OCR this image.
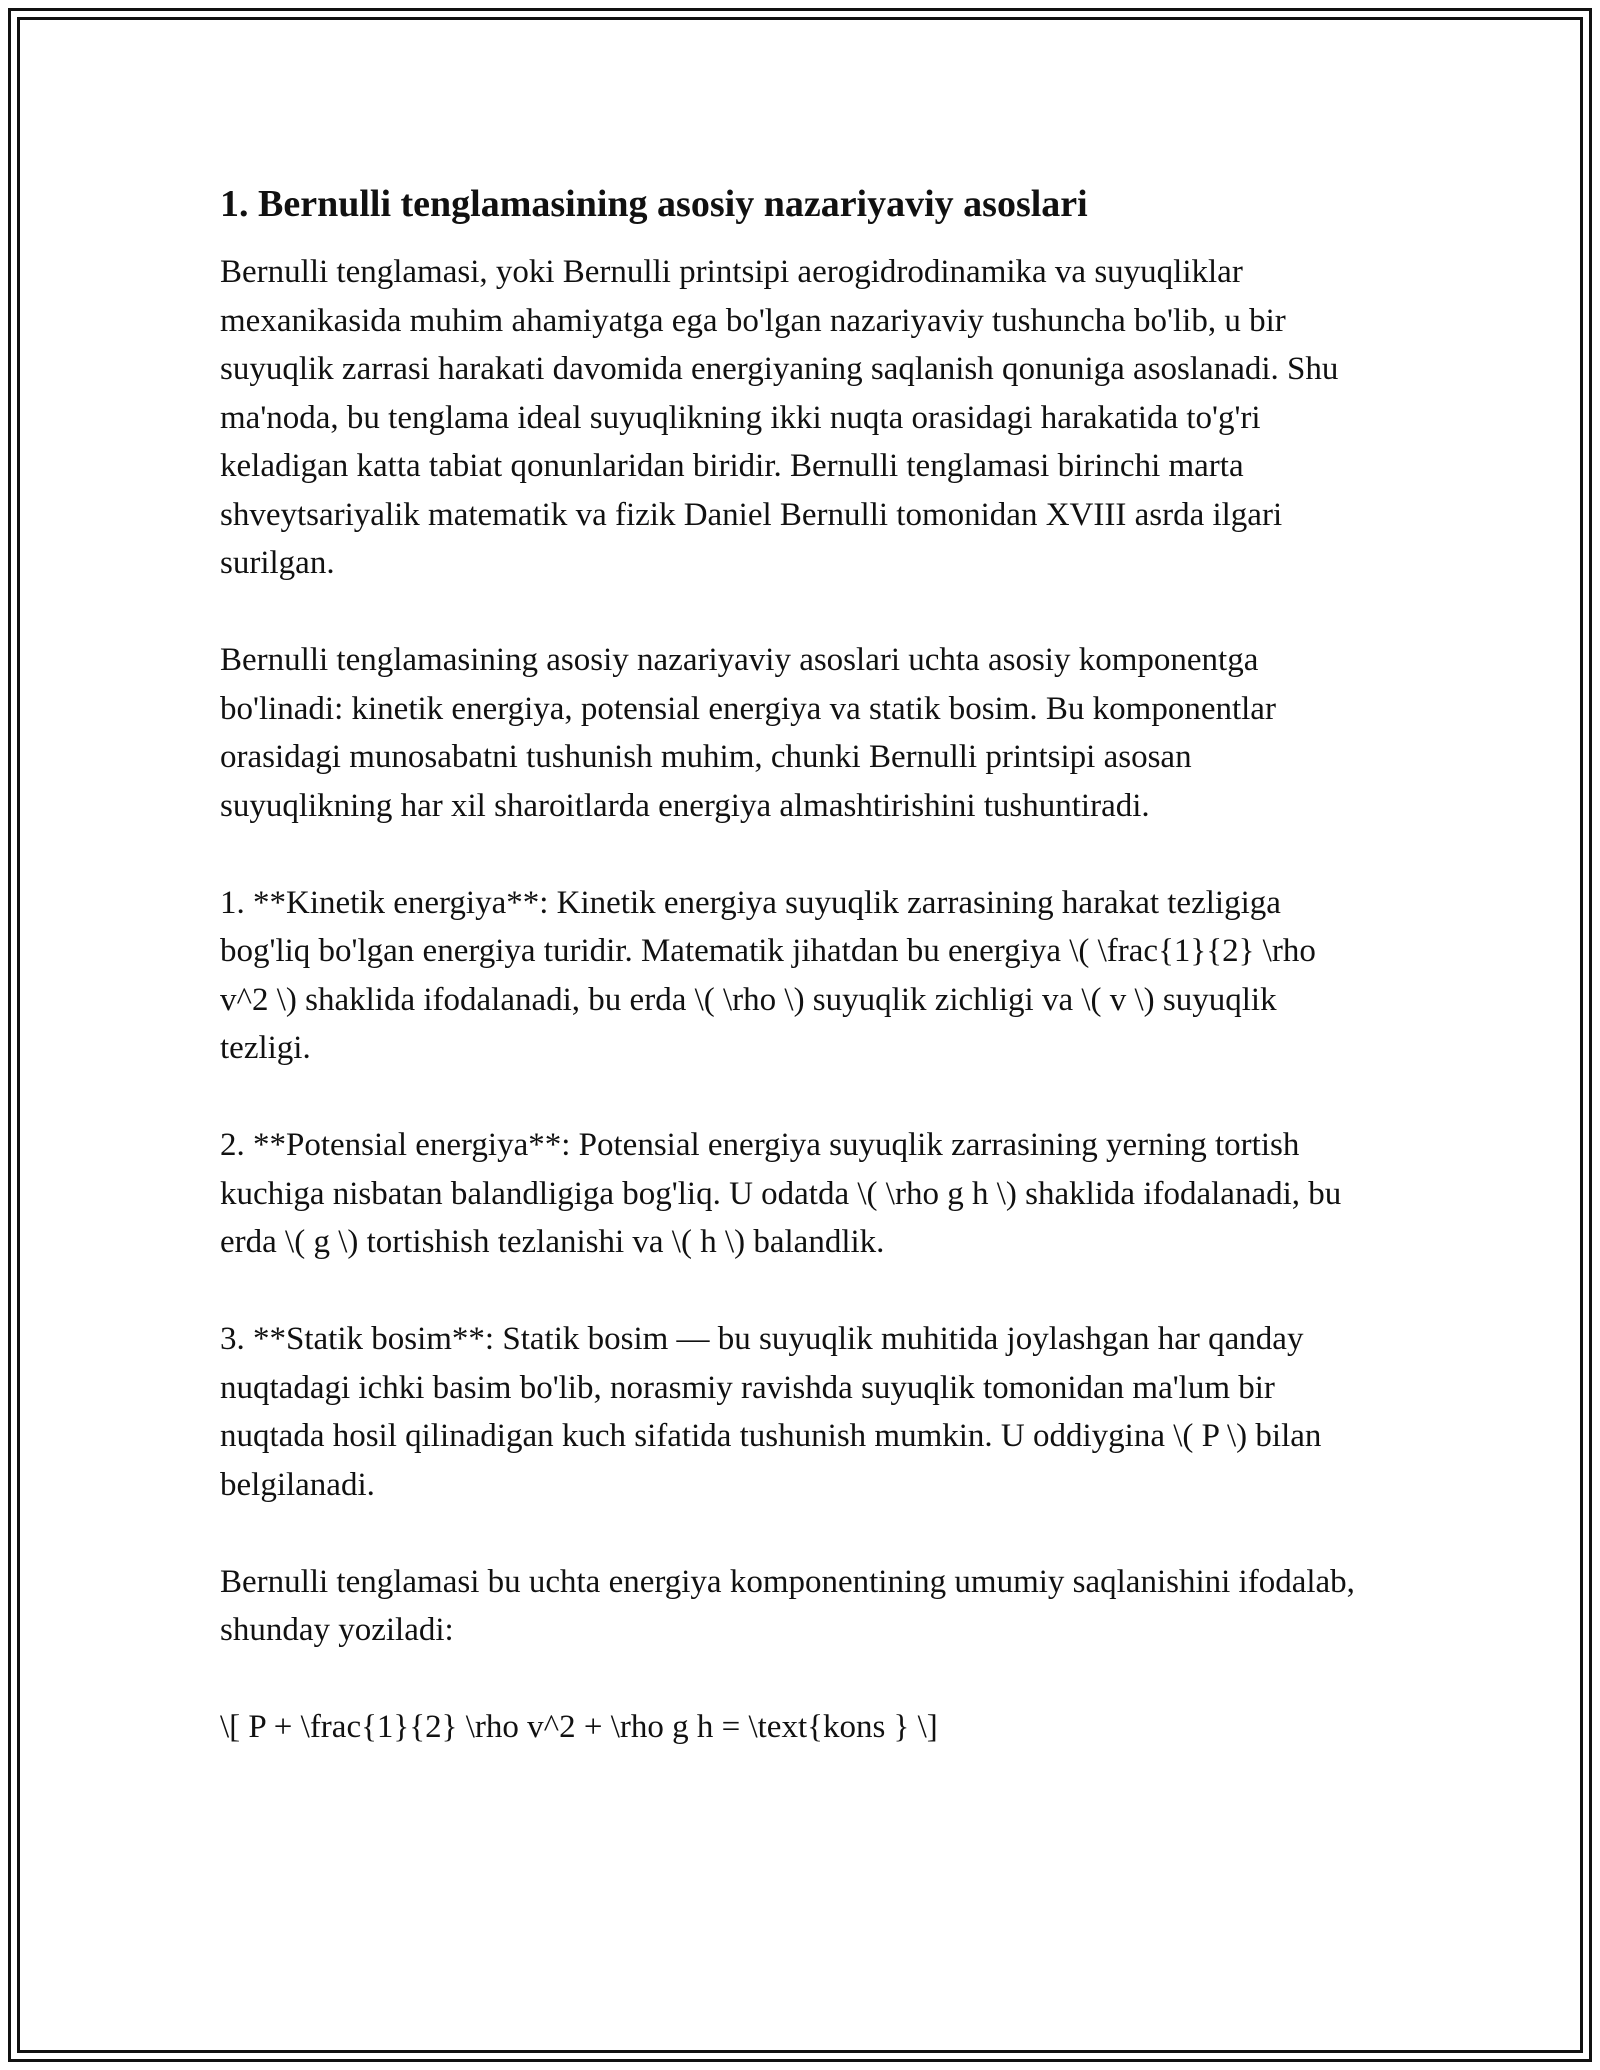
1. Bernulli tenglamasining asosiy nazariyaviy asoslari

Bernulli tenglamasi, yoki Bernulli printsipi aerogidrodinamika va suyuqliklar mexanikasida muhim ahamiyatga ega bo'lgan nazariyaviy tushuncha bo'lib, u bir suyuqlik zarrasi harakati davomida energiyaning saqlanish qonuniga asoslanadi. Shu ma'noda, bu tenglama ideal suyuqlikning ikki nuqta orasidagi harakatida to'g'ri keladigan katta tabiat qonunlaridan biridir. Bernulli tenglamasi birinchi marta shveytsariyalik matematik va fizik Daniel Bernulli tomonidan XVIII asrda ilgari surilgan.

Bernulli tenglamasining asosiy nazariyaviy asoslari uchta asosiy komponentga bo'linadi: kinetik energiya, potensial energiya va statik bosim. Bu komponentlar orasidagi munosabatni tushunish muhim, chunki Bernulli printsipi asosan suyuqlikning har xil sharoitlarda energiya almashtirishini tushuntiradi.

1. **Kinetik energiya**: Kinetik energiya suyuqlik zarrasining harakat tezligiga bog'liq bo'lgan energiya turidir. Matematik jihatdan bu energiya \( \frac{1}{2} \rho v^2 \) shaklida ifodalanadi, bu erda \( \rho \) suyuqlik zichligi va \( v \) suyuqlik tezligi.

2. **Potensial energiya**: Potensial energiya suyuqlik zarrasining yerning tortish kuchiga nisbatan balandligiga bog'liq. U odatda \( \rho g h \) shaklida ifodalanadi, bu erda \( g \) tortishish tezlanishi va \( h \) balandlik.

3. **Statik bosim**: Statik bosim — bu suyuqlik muhitida joylashgan har qanday nuqtadagi ichki basim bo'lib, norasmiy ravishda suyuqlik tomonidan ma'lum bir nuqtada hosil qilinadigan kuch sifatida tushunish mumkin. U oddiygina \( P \) bilan belgilanadi.

Bernulli tenglamasi bu uchta energiya komponentining umumiy saqlanishini ifodalab, shunday yoziladi:

\[ P + \frac{1}{2} \rho v^2 + \rho g h = \text{kons } \]
